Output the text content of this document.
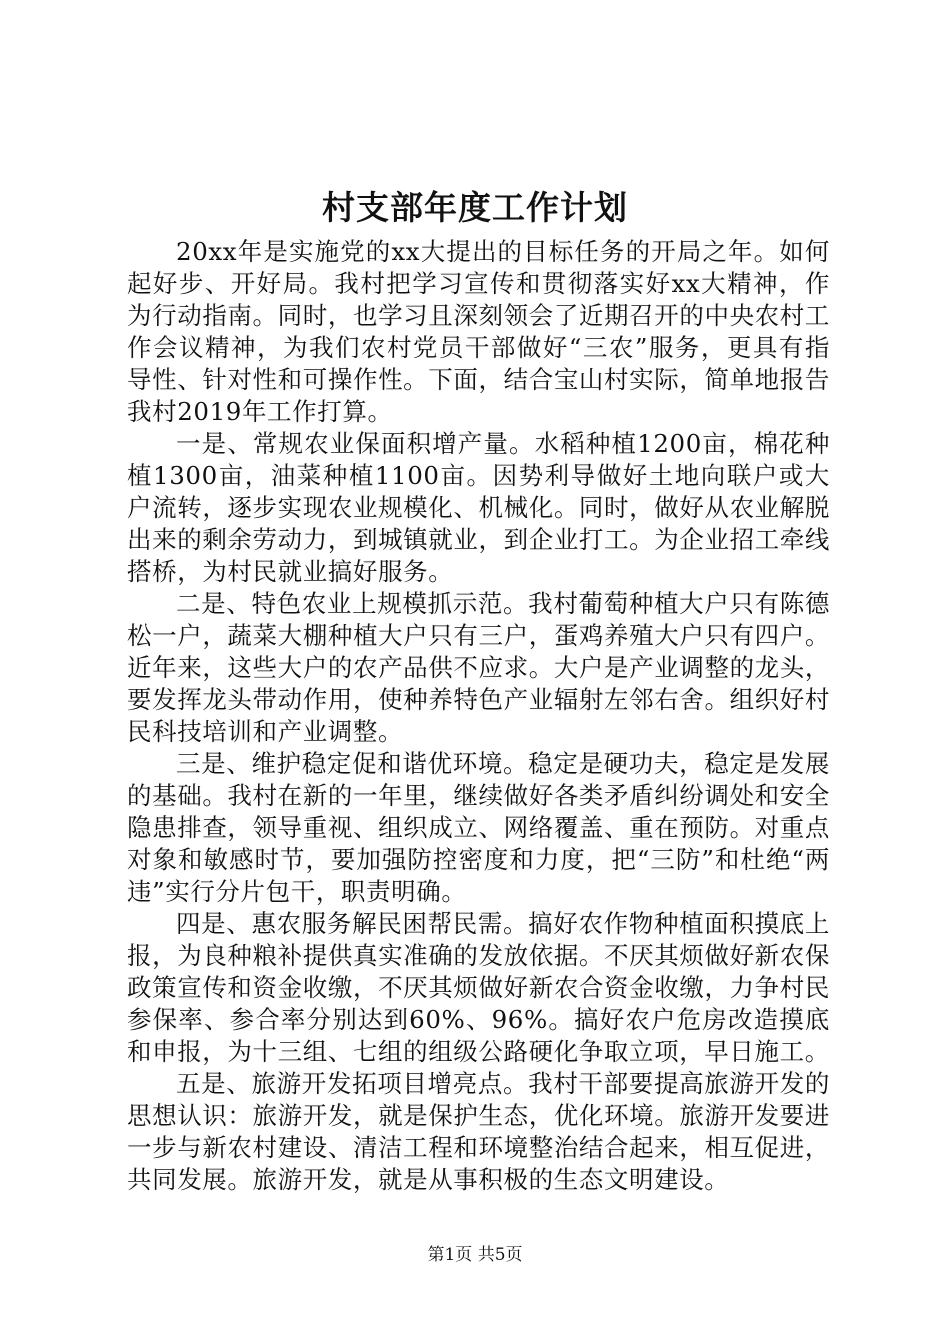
村支部年度工作计划

20xx年是实施党的xx大提出的目标任务的开局之年。如何起好步、开好局。我村把学习宣传和贯彻落实好xx大精神，作为行动指南。同时，也学习且深刻领会了近期召开的中央农村工作会议精神，为我们农村党员干部做好“三农”服务，更具有指导性、针对性和可操作性。下面，结合宝山村实际，简单地报告我村2019年工作打算。

一是、常规农业保面积增产量。水稻种植1200亩，棉花种植1300亩，油菜种植1100亩。因势利导做好土地向联户或大户流转，逐步实现农业规模化、机械化。同时，做好从农业解脱出来的剩余劳动力，到城镇就业，到企业打工。为企业招工牵线搭桥，为村民就业搞好服务。

二是、特色农业上规模抓示范。我村葡萄种植大户只有陈德松一户，蔬菜大棚种植大户只有三户，蛋鸡养殖大户只有四户。近年来，这些大户的农产品供不应求。大户是产业调整的龙头，要发挥龙头带动作用，使种养特色产业辐射左邻右舍。组织好村民科技培训和产业调整。

三是、维护稳定促和谐优环境。稳定是硬功夫，稳定是发展的基础。我村在新的一年里，继续做好各类矛盾纠纷调处和安全隐患排查，领导重视、组织成立、网络覆盖、重在预防。对重点对象和敏感时节，要加强防控密度和力度，把“三防”和杜绝“两违”实行分片包干，职责明确。

四是、惠农服务解民困帮民需。搞好农作物种植面积摸底上报，为良种粮补提供真实准确的发放依据。不厌其烦做好新农保政策宣传和资金收缴，不厌其烦做好新农合资金收缴，力争村民参保率、参合率分别达到60%、96%。搞好农户危房改造摸底和申报，为十三组、七组的组级公路硬化争取立项，早日施工。

五是、旅游开发拓项目增亮点。我村干部要提高旅游开发的思想认识：旅游开发，就是保护生态，优化环境。旅游开发要进一步与新农村建设、清洁工程和环境整治结合起来，相互促进，共同发展。旅游开发，就是从事积极的生态文明建设。

第1页 共5页
